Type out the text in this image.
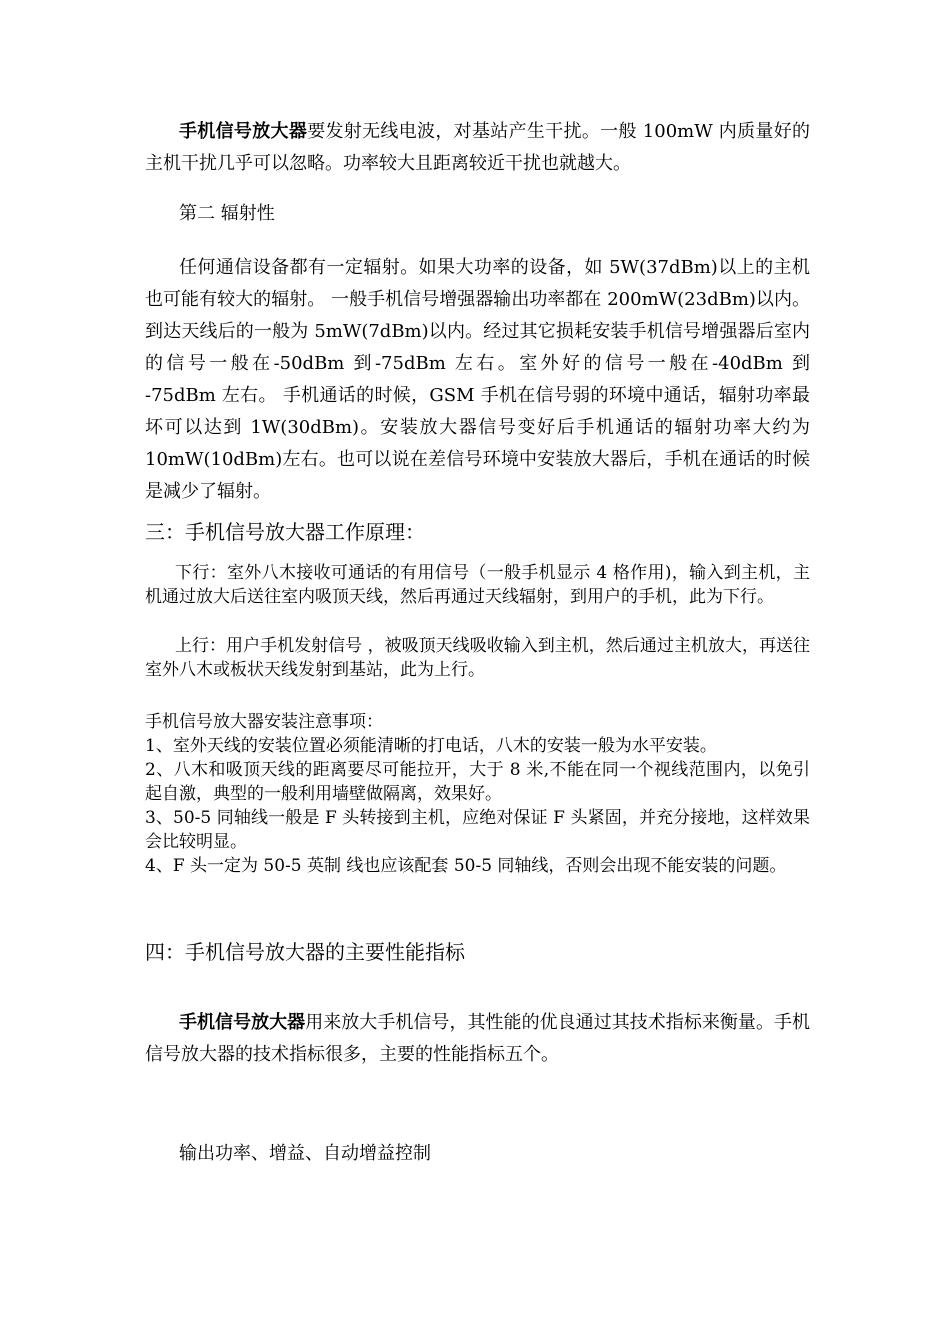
手机信号放大器要发射无线电波，对基站产生干扰。一般 100mW 内质量好的主机干扰几乎可以忽略。功率较大且距离较近干扰也就越大。

第二 辐射性

任何通信设备都有一定辐射。如果大功率的设备，如 5W(37dBm)以上的主机也可能有较大的辐射。 一般手机信号增强器输出功率都在 200mW(23dBm)以内。到达天线后的一般为 5mW(7dBm)以内。经过其它损耗安装手机信号增强器后室内的信号一般在-50dBm 到-75dBm 左右。室外好的信号一般在-40dBm 到 -75dBm 左右。 手机通话的时候，GSM 手机在信号弱的环境中通话，辐射功率最坏可以达到 1W(30dBm)。安装放大器信号变好后手机通话的辐射功率大约为 10mW(10dBm)左右。也可以说在差信号环境中安装放大器后，手机在通话的时候是减少了辐射。

三：手机信号放大器工作原理：

下行：室外八木接收可通话的有用信号（一般手机显示 4 格作用)，输入到主机，主机通过放大后送往室内吸顶天线，然后再通过天线辐射，到用户的手机，此为下行。

上行：用户手机发射信号 ，被吸顶天线吸收输入到主机，然后通过主机放大，再送往室外八木或板状天线发射到基站，此为上行。

手机信号放大器安装注意事项：

1、室外天线的安装位置必须能清晰的打电话，八木的安装一般为水平安装。
2、八木和吸顶天线的距离要尽可能拉开，大于 8 米,不能在同一个视线范围内，以免引起自激，典型的一般利用墙壁做隔离，效果好。
3、50-5 同轴线一般是 F 头转接到主机，应绝对保证 F 头紧固，并充分接地，这样效果会比较明显。
4、F 头一定为 50-5 英制 线也应该配套 50-5 同轴线，否则会出现不能安装的问题。

四：手机信号放大器的主要性能指标

手机信号放大器用来放大手机信号，其性能的优良通过其技术指标来衡量。手机信号放大器的技术指标很多，主要的性能指标五个。

输出功率、增益、自动增益控制
